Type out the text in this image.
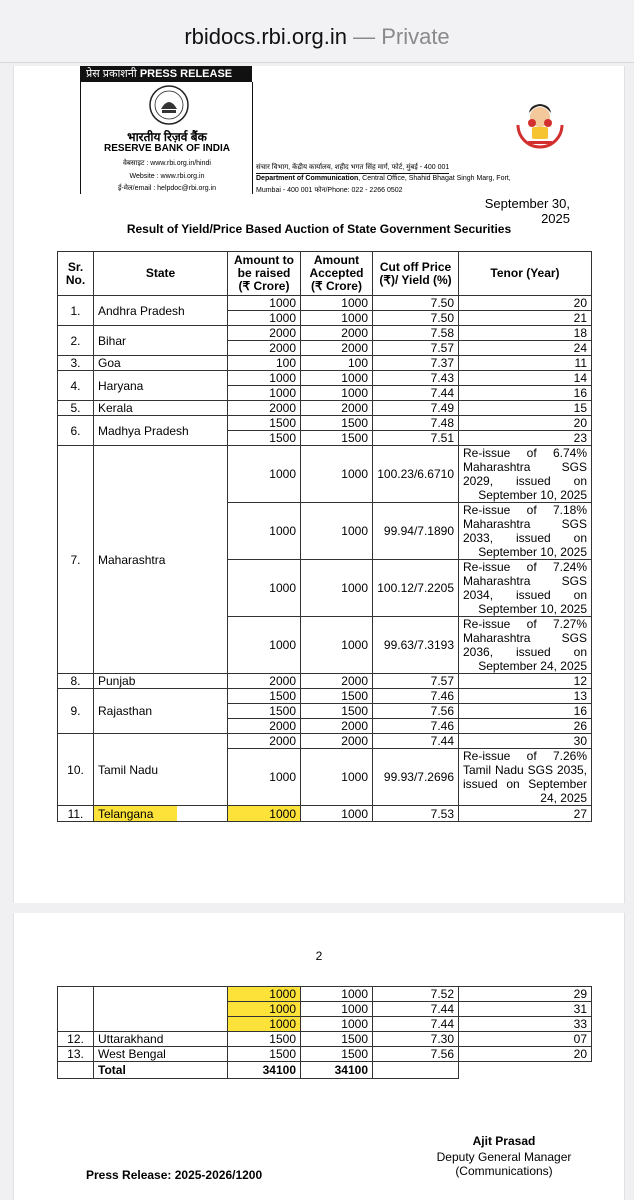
rbidocs.rbi.org.in — Private
प्रेस प्रकाशनी PRESS RELEASE
भारतीय रिज़र्व बैंक
RESERVE BANK OF INDIA
वेबसाइट : www.rbi.org.in/hindi
Website : www.rbi.org.in
ई-मेल/email : helpdoc@rbi.org.in
संचार विभाग, केंद्रीय कार्यालय, शहीद भगत सिंह मार्ग, फोर्ट, मुंबई - 400 001
Department of Communication, Central Office, Shahid Bhagat Singh Marg, Fort,
Mumbai - 400 001 फोन/Phone: 022 - 2266 0502
September 30, 2025
Result of Yield/Price Based Auction of State Government Securities
Sr. No.	State	Amount to be raised (₹ Crore)	Amount Accepted (₹ Crore)	Cut off Price (₹)/ Yield (%)	Tenor (Year)
1.	Andhra Pradesh	1000	1000	7.50	20
		1000	1000	7.50	21
2.	Bihar	2000	2000	7.58	18
		2000	2000	7.57	24
3.	Goa	100	100	7.37	11
4.	Haryana	1000	1000	7.43	14
		1000	1000	7.44	16
5.	Kerala	2000	2000	7.49	15
6.	Madhya Pradesh	1500	1500	7.48	20
		1500	1500	7.51	23
7.	Maharashtra	1000	1000	100.23/6.6710	Re-issue of 6.74% Maharashtra SGS 2029, issued on September 10, 2025
		1000	1000	99.94/7.1890	Re-issue of 7.18% Maharashtra SGS 2033, issued on September 10, 2025
		1000	1000	100.12/7.2205	Re-issue of 7.24% Maharashtra SGS 2034, issued on September 10, 2025
		1000	1000	99.63/7.3193	Re-issue of 7.27% Maharashtra SGS 2036, issued on September 24, 2025
8.	Punjab	2000	2000	7.57	12
9.	Rajasthan	1500	1500	7.46	13
		1500	1500	7.56	16
		2000	2000	7.46	26
10.	Tamil Nadu	2000	2000	7.44	30
		1000	1000	99.93/7.2696	Re-issue of 7.26% Tamil Nadu SGS 2035, issued on September 24, 2025
11.	Telangana	1000	1000	7.53	27
2
		1000	1000	7.52	29
		1000	1000	7.44	31
		1000	1000	7.44	33
12.	Uttarakhand	1500	1500	7.30	07
13.	West Bengal	1500	1500	7.56	20
	Total	34100	34100		
Press Release: 2025-2026/1200
Ajit Prasad
Deputy General Manager
(Communications)
